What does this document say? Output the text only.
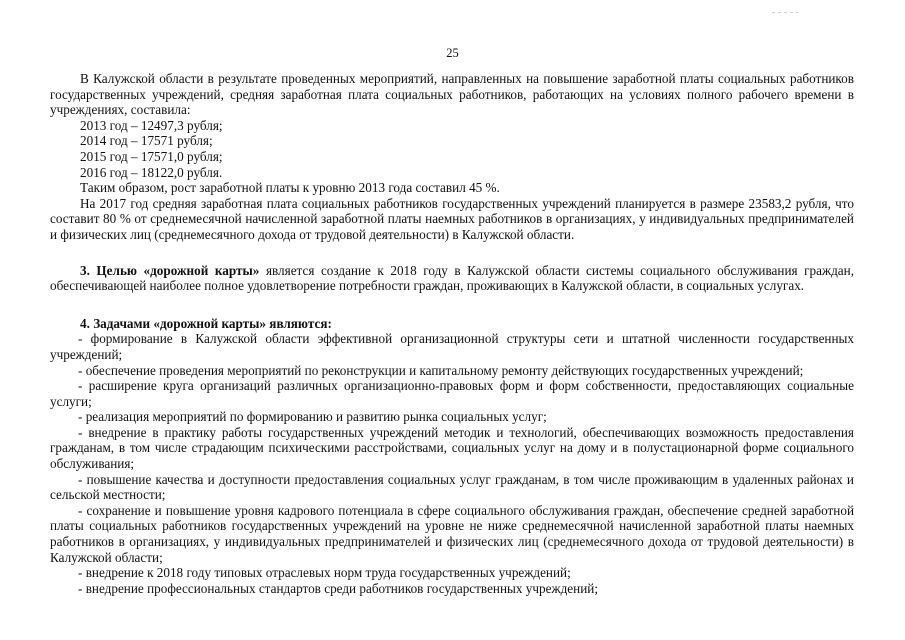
25

В Калужской области в результате проведенных мероприятий, направленных на повышение заработной платы социальных работников государственных учреждений, средняя заработная плата социальных работников, работающих на условиях полного рабочего времени в учреждениях, составила:

2013 год – 12497,3 рубля;

2014 год – 17571 рубля;

2015 год – 17571,0 рубля;

2016 год – 18122,0 рубля.

Таким образом, рост заработной платы к уровню 2013 года составил 45 %.

На 2017 год средняя заработная плата социальных работников государственных учреждений планируется в размере 23583,2 рубля, что составит 80 % от среднемесячной начисленной заработной платы наемных работников в организациях, у индивидуальных предпринимателей и физических лиц (среднемесячного дохода от трудовой деятельности) в Калужской области.

3. Целью «дорожной карты» является создание к 2018 году в Калужской области системы социального обслуживания граждан, обеспечивающей наиболее полное удовлетворение потребности граждан, проживающих в Калужской области, в социальных услугах.

4. Задачами «дорожной карты» являются:

- формирование в Калужской области эффективной организационной структуры сети и штатной численности государственных учреждений;

- обеспечение проведения мероприятий по реконструкции и капитальному ремонту действующих государственных учреждений;

- расширение круга организаций различных организационно-правовых форм и форм собственности, предоставляющих социальные услуги;

- реализация мероприятий по формированию и развитию рынка социальных услуг;

- внедрение в практику работы государственных учреждений методик и технологий, обеспечивающих возможность предоставления гражданам, в том числе страдающим психическими расстройствами, социальных услуг на дому и в полустационарной форме социального обслуживания;

- повышение качества и доступности предоставления социальных услуг гражданам, в том числе проживающим в удаленных районах и сельской местности;

- сохранение и повышение уровня кадрового потенциала в сфере социального обслуживания граждан, обеспечение средней заработной платы социальных работников государственных учреждений на уровне не ниже среднемесячной начисленной заработной платы наемных работников в организациях, у индивидуальных предпринимателей и физических лиц (среднемесячного дохода от трудовой деятельности) в Калужской области;

- внедрение к 2018 году типовых отраслевых норм труда государственных учреждений;

- внедрение профессиональных стандартов среди работников государственных учреждений;
